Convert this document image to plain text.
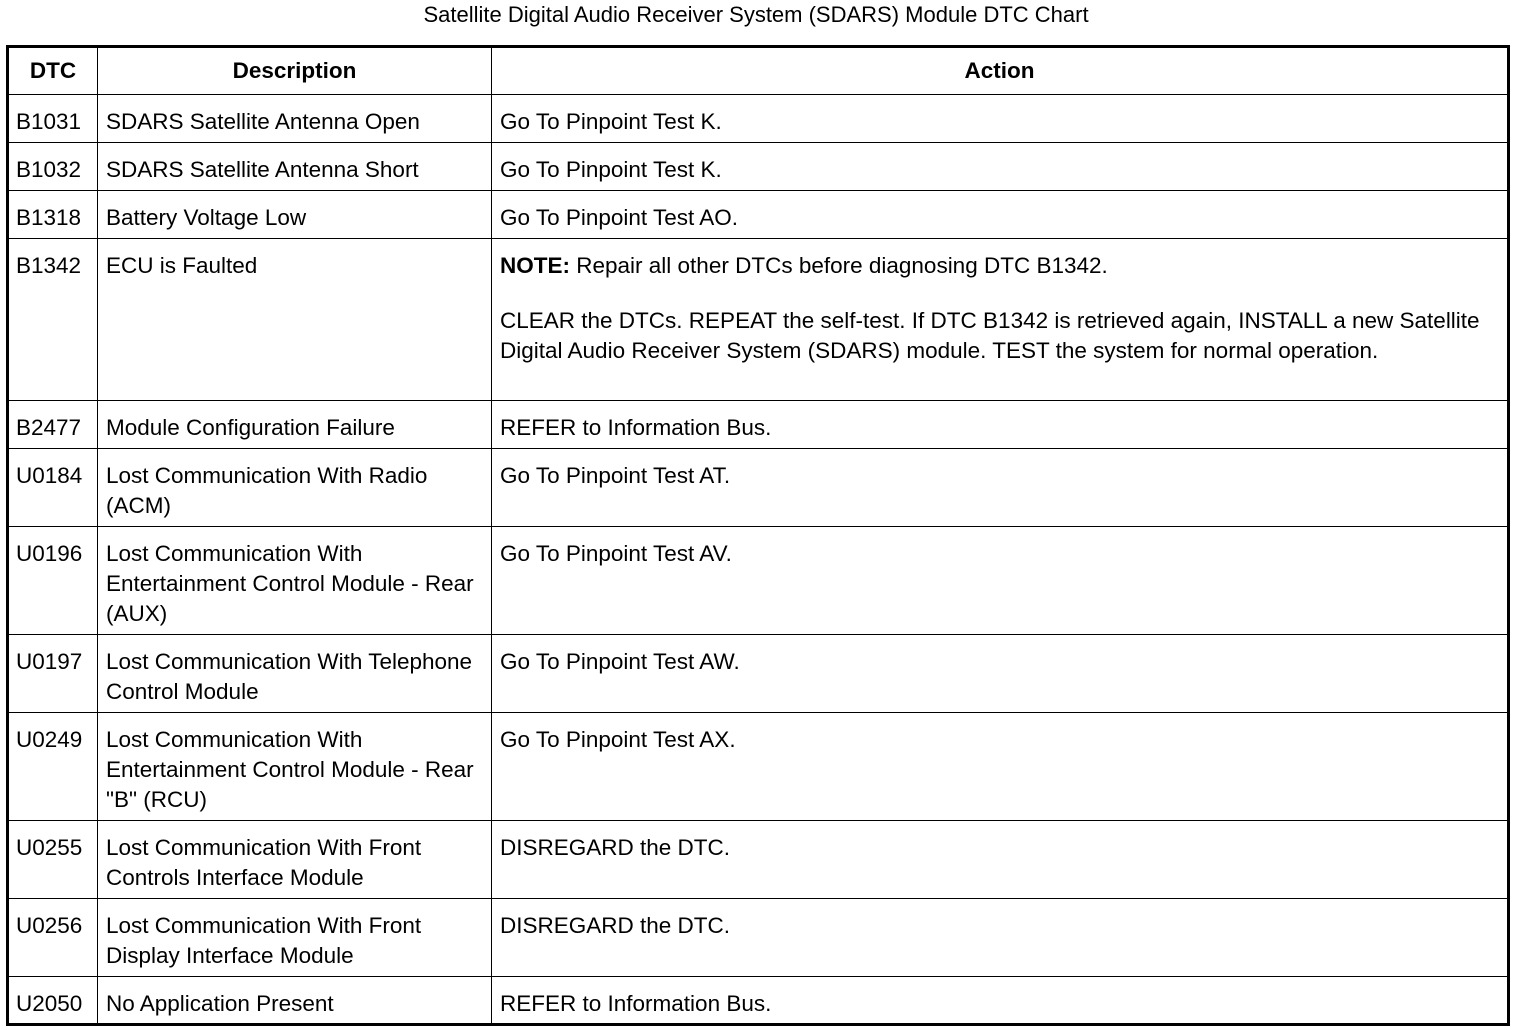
Satellite Digital Audio Receiver System (SDARS) Module DTC Chart
DTC	Description	Action
B1031	SDARS Satellite Antenna Open	Go To Pinpoint Test K.
B1032	SDARS Satellite Antenna Short	Go To Pinpoint Test K.
B1318	Battery Voltage Low	Go To Pinpoint Test AO.
B1342	ECU is Faulted	NOTE: Repair all other DTCs before diagnosing DTC B1342.

CLEAR the DTCs. REPEAT the self-test. If DTC B1342 is retrieved again, INSTALL a new Satellite Digital Audio Receiver System (SDARS) module. TEST the system for normal operation.

B2477	Module Configuration Failure	REFER to Information Bus.
U0184	Lost Communication With Radio (ACM)	Go To Pinpoint Test AT.
U0196	Lost Communication With Entertainment Control Module - Rear (AUX)	Go To Pinpoint Test AV.
U0197	Lost Communication With Telephone Control Module	Go To Pinpoint Test AW.
U0249	Lost Communication With Entertainment Control Module - Rear "B" (RCU)	Go To Pinpoint Test AX.
U0255	Lost Communication With Front Controls Interface Module	DISREGARD the DTC.
U0256	Lost Communication With Front Display Interface Module	DISREGARD the DTC.
U2050	No Application Present	REFER to Information Bus.
